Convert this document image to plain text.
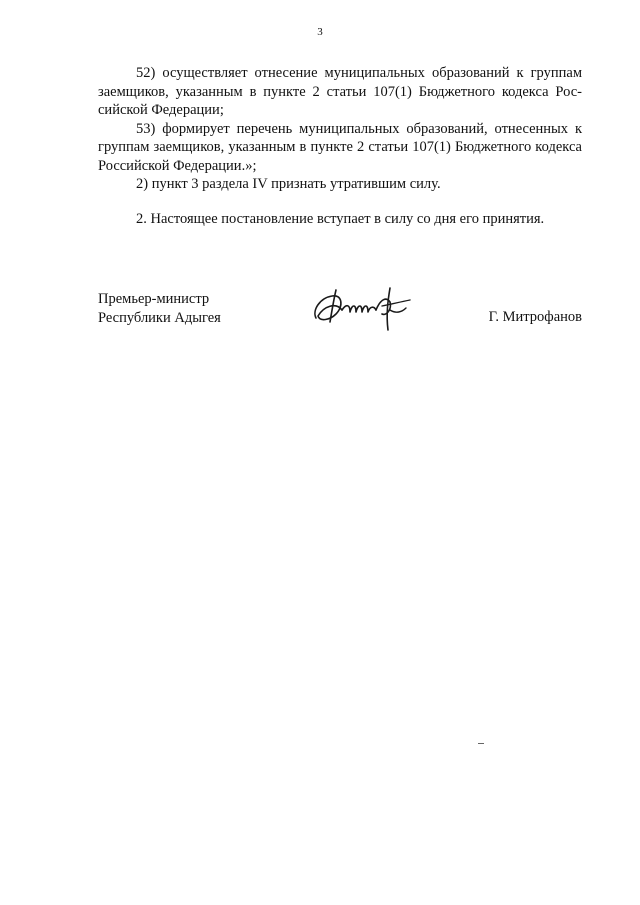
3

52) осуществляет отнесение муниципальных образований к группам заемщиков, указанным в пункте 2 статьи 107(1) Бюджетного кодекса Российской Федерации;

53) формирует перечень муниципальных образований, отнесенных к группам заемщиков, указанным в пункте 2 статьи 107(1) Бюджетного кодекса Российской Федерации.»;

2) пункт 3 раздела IV признать утратившим силу.

2. Настоящее постановление вступает в силу со дня его принятия.

Премьер-министр
Республики Адыгея	Г. Митрофанов
